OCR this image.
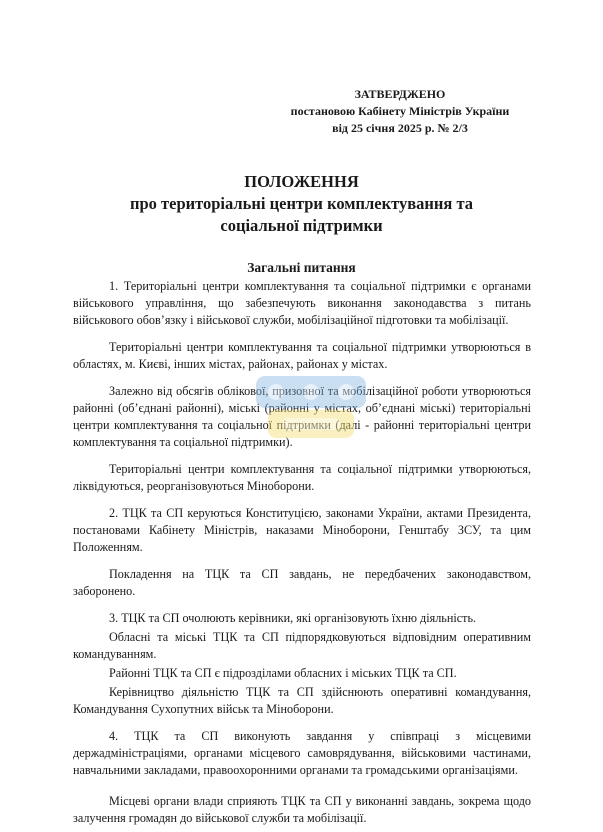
ЗАТВЕРДЖЕНО
постановою Кабінету Міністрів України
від 25 січня 2025 р. № 2/3
ПОЛОЖЕННЯ
про територіальні центри комплектування та
соціальної підтримки
Загальні питання

1. Територіальні центри комплектування та соціальної підтримки є органами військового управління, що забезпечують виконання законодавства з питань військового обов’язку і військової служби, мобілізаційної підготовки та мобілізації.

Територіальні центри комплектування та соціальної підтримки утворюються в областях, м. Києві, інших містах, районах, районах у містах.

Залежно від обсягів облікової, призовної та мобілізаційної роботи утворюються районні (об’єднані районні), міські (районні у містах, об’єднані міські) територіальні центри комплектування та соціальної підтримки (далі - районні територіальні центри комплектування та соціальної підтримки).

Територіальні центри комплектування та соціальної підтримки утворюються, ліквідуються, реорганізовуються Міноборони.

2. ТЦК та СП керуються Конституцією, законами України, актами Президента, постановами Кабінету Міністрів, наказами Міноборони, Генштабу ЗСУ, та цим Положенням.

Покладення на ТЦК та СП завдань, не передбачених законодавством, заборонено.

3. ТЦК та СП очолюють керівники, які організовують їхню діяльність.

Обласні та міські ТЦК та СП підпорядковуються відповідним оперативним командуванням.

Районні ТЦК та СП є підрозділами обласних і міських ТЦК та СП.

Керівництво діяльністю ТЦК та СП здійснюють оперативні командування, Командування Сухопутних військ та Міноборони.

4. ТЦК та СП виконують завдання у співпраці з місцевими держадміністраціями, органами місцевого самоврядування, військовими частинами, навчальними закладами, правоохоронними органами та громадськими організаціями.

Місцеві органи влади сприяють ТЦК та СП у виконанні завдань, зокрема щодо залучення громадян до військової служби та мобілізації.
